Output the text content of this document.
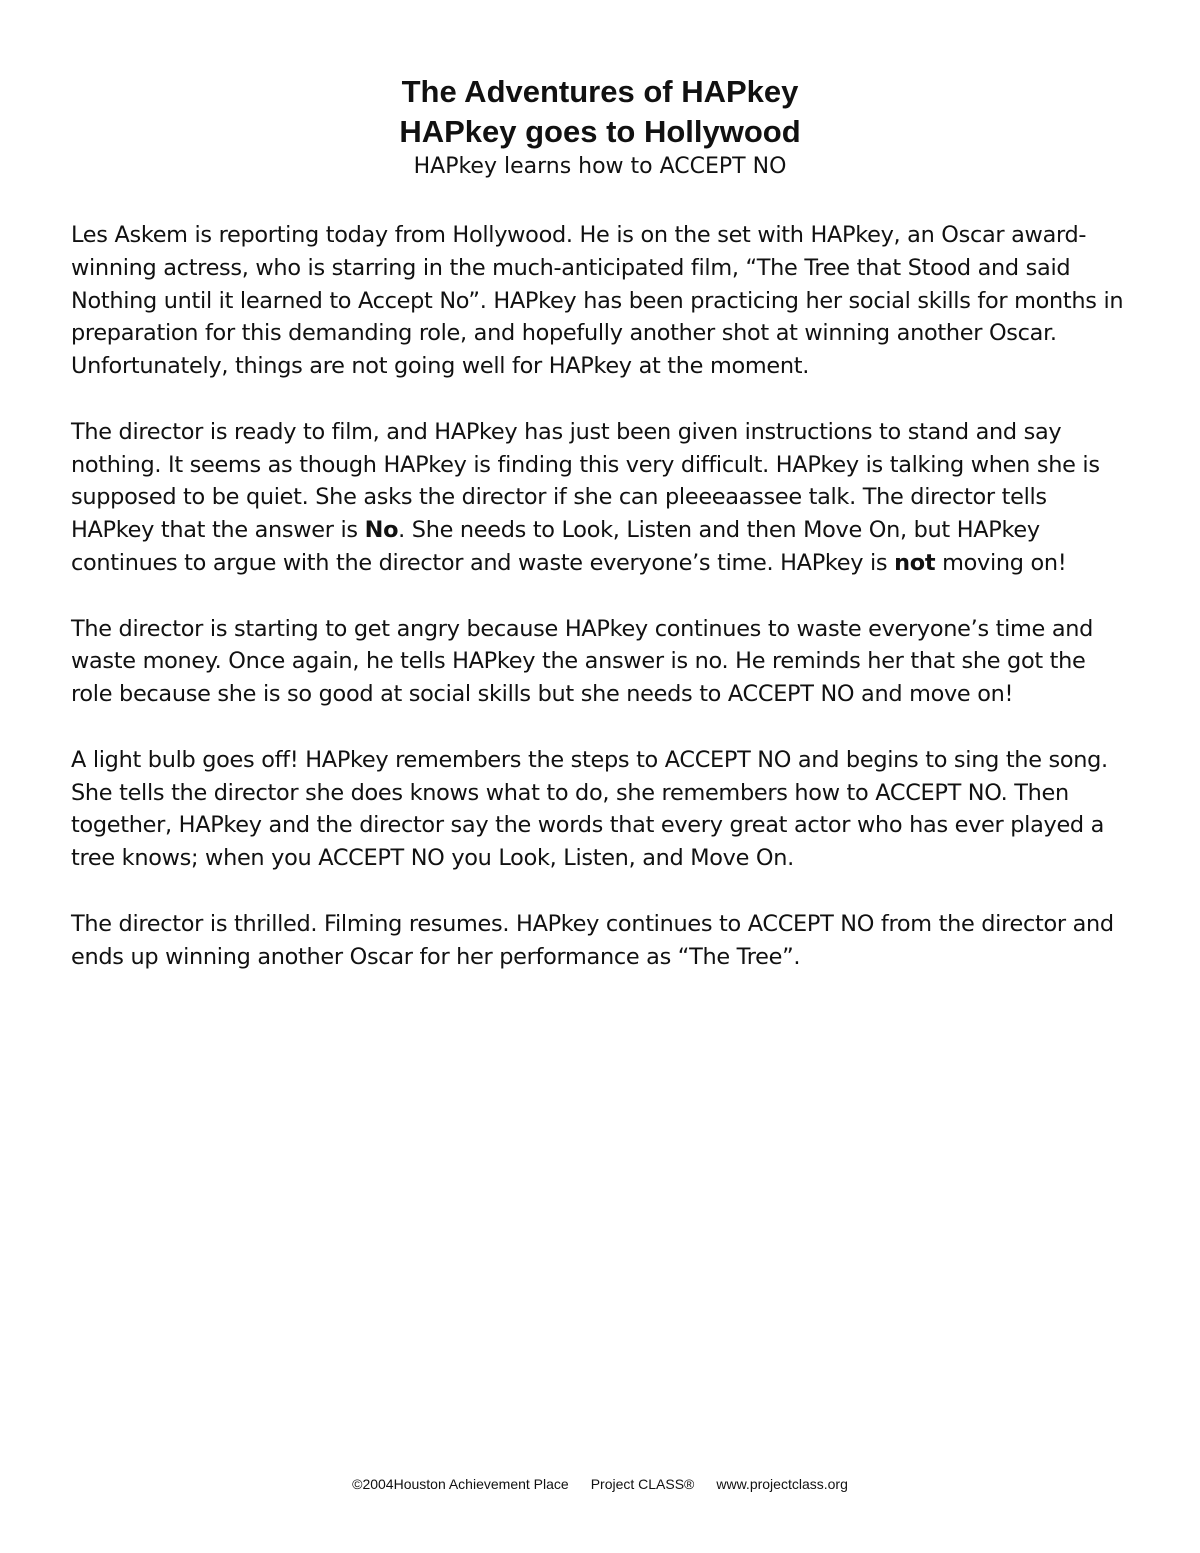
The Adventures of HAPkey

HAPkey goes to Hollywood

HAPkey learns how to ACCEPT NO

Les Askem is reporting today from Hollywood. He is on the set with HAPkey, an Oscar award-winning actress, who is starring in the much-anticipated film, “The Tree that Stood and said Nothing until it learned to Accept No”. HAPkey has been practicing her social skills for months in preparation for this demanding role, and hopefully another shot at winning another Oscar. Unfortunately, things are not going well for HAPkey at the moment.

The director is ready to film, and HAPkey has just been given instructions to stand and say nothing. It seems as though HAPkey is finding this very difficult. HAPkey is talking when she is supposed to be quiet. She asks the director if she can pleeeaassee talk. The director tells HAPkey that the answer is No. She needs to Look, Listen and then Move On, but HAPkey continues to argue with the director and waste everyone’s time. HAPkey is not moving on!

The director is starting to get angry because HAPkey continues to waste everyone’s time and waste money. Once again, he tells HAPkey the answer is no. He reminds her that she got the role because she is so good at social skills but she needs to ACCEPT NO and move on!

A light bulb goes off! HAPkey remembers the steps to ACCEPT NO and begins to sing the song. She tells the director she does knows what to do, she remembers how to ACCEPT NO. Then together, HAPkey and the director say the words that every great actor who has ever played a tree knows; when you ACCEPT NO you Look, Listen, and Move On.

The director is thrilled. Filming resumes. HAPkey continues to ACCEPT NO from the director and ends up winning another Oscar for her performance as “The Tree”.

©2004Houston Achievement Place Project CLASS® www.projectclass.org
